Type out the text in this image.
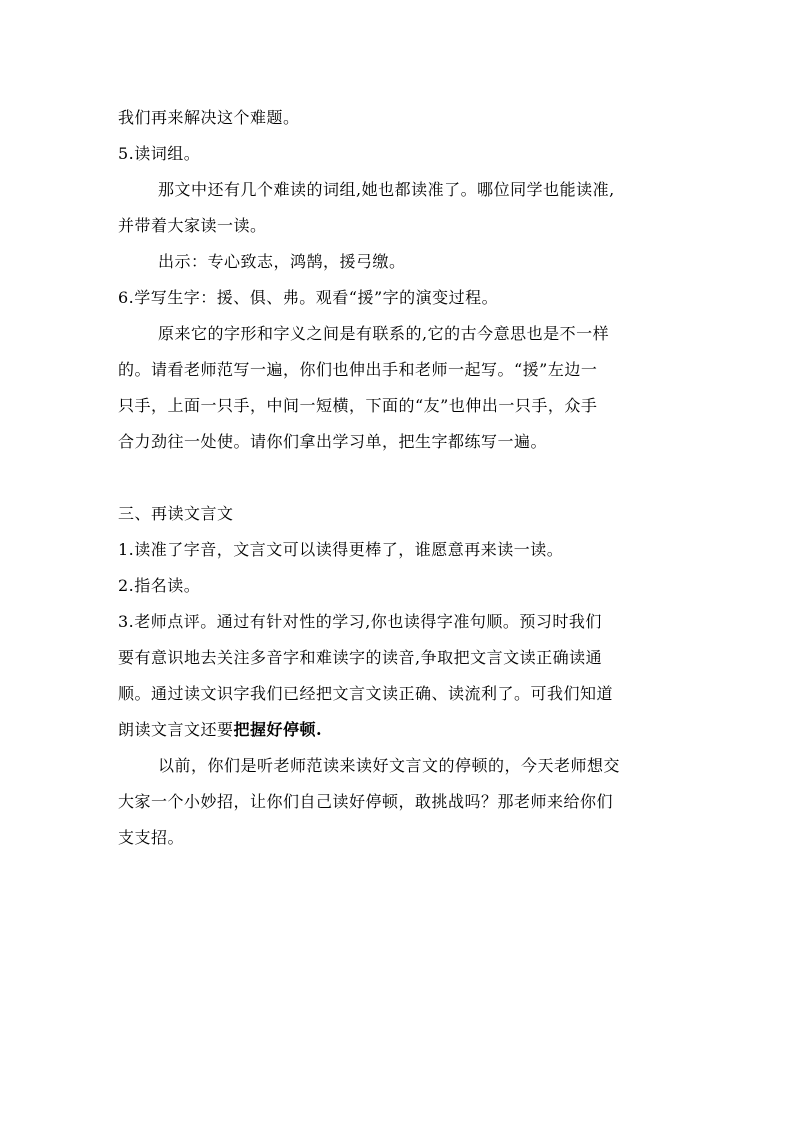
我们再来解决这个难题。
5.读词组。
那文中还有几个难读的词组,她也都读准了。哪位同学也能读准,
并带着大家读一读。
出示：专心致志，鸿鹄，援弓缴。
6.学写生字：援、俱、弗。观看“援”字的演变过程。
原来它的字形和字义之间是有联系的,它的古今意思也是不一样
的。请看老师范写一遍，你们也伸出手和老师一起写。“援”左边一
只手，上面一只手，中间一短横，下面的“友”也伸出一只手，众手
合力劲往一处使。请你们拿出学习单，把生字都练写一遍。
三、再读文言文
1.读准了字音，文言文可以读得更棒了，谁愿意再来读一读。
2.指名读。
3.老师点评。通过有针对性的学习,你也读得字准句顺。预习时我们
要有意识地去关注多音字和难读字的读音,争取把文言文读正确读通
顺。通过读文识字我们已经把文言文读正确、读流利了。可我们知道
朗读文言文还要把握好停顿.
以前，你们是听老师范读来读好文言文的停顿的，今天老师想交
大家一个小妙招，让你们自己读好停顿，敢挑战吗？那老师来给你们
支支招。
